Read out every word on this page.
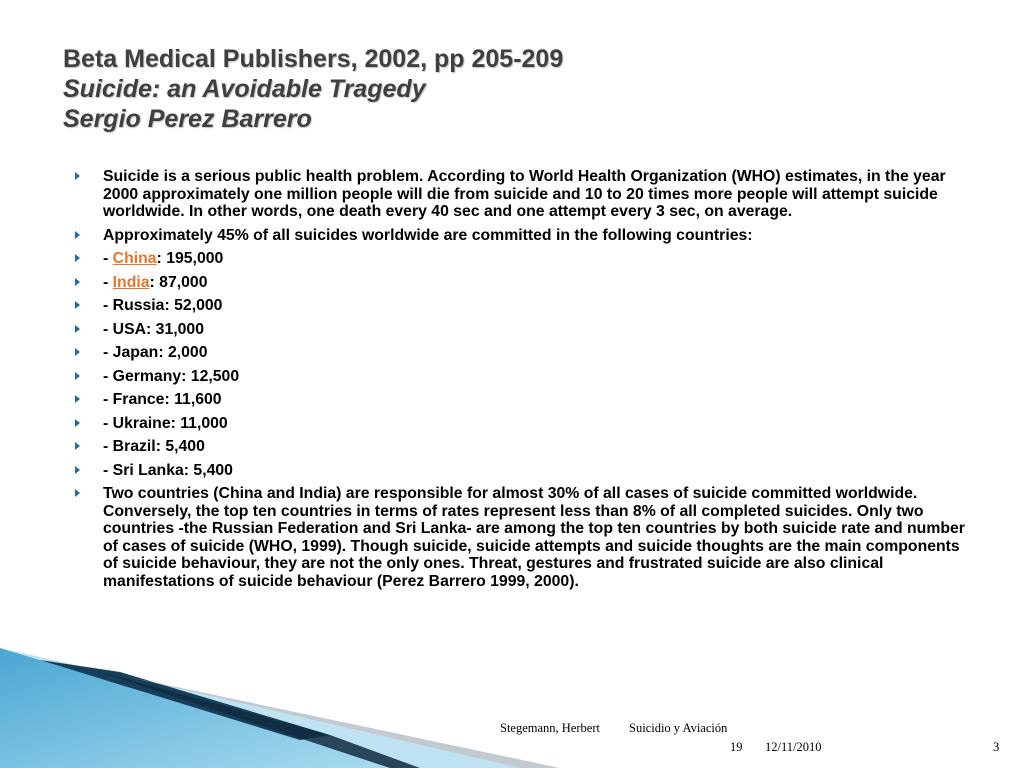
Beta Medical Publishers, 2002, pp 205-209
Suicide: an Avoidable Tragedy
Sergio Perez Barrero
Suicide is a serious public health problem. According to World Health Organization (WHO) estimates, in the year 2000 approximately one million people will die from suicide and 10 to 20 times more people will attempt suicide worldwide. In other words, one death every 40 sec and one attempt every 3 sec, on average.
Approximately 45% of all suicides worldwide are committed in the following countries:
- China: 195,000
- India: 87,000
- Russia: 52,000
- USA: 31,000
- Japan: 2,000
- Germany: 12,500
- France: 11,600
- Ukraine: 11,000
- Brazil: 5,400
- Sri Lanka: 5,400
Two countries (China and India) are responsible for almost 30% of all cases of suicide committed worldwide. Conversely, the top ten countries in terms of rates represent less than 8% of all completed suicides. Only two countries -the Russian Federation and Sri Lanka- are among the top ten countries by both suicide rate and number of cases of suicide (WHO, 1999). Though suicide, suicide attempts and suicide thoughts are the main components of suicide behaviour, they are not the only ones. Threat, gestures and frustrated suicide are also clinical manifestations of suicide behaviour (Perez Barrero 1999, 2000).
Stegemann, Herbert Suicidio y Aviación
19 12/11/2010	3
